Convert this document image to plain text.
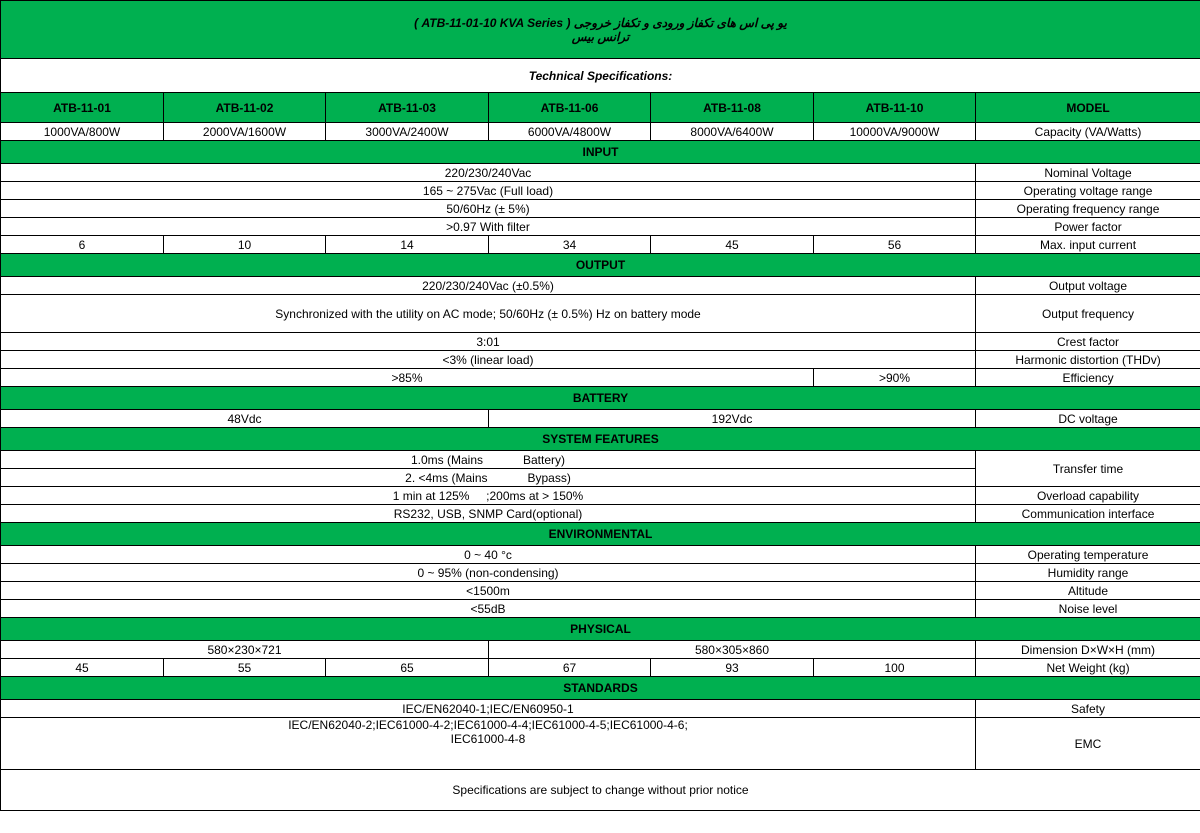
یو پی اس های تکفاز ورودی و تکفاز خروجی ( ATB-11-01-10 KVA Series )
ترانس بیس						

Technical Specifications:						
ATB-11-01	ATB-11-02	ATB-11-03	ATB-11-06	ATB-11-08	ATB-11-10	MODEL
1000VA/800W	2000VA/1600W	3000VA/2400W	6000VA/4800W	8000VA/6400W	10000VA/9000W	Capacity (VA/Watts)
INPUT						
220/230/240Vac						Nominal Voltage
165 ~ 275Vac (Full load)						Operating voltage range
50/60Hz (± 5%)						Operating frequency range
>0.97 With filter						Power factor
6	10	14	34	45	56	Max. input current
OUTPUT						
220/230/240Vac (±0.5%)						Output voltage
Synchronized with the utility on AC mode; 50/60Hz (± 0.5%) Hz on battery mode						Output frequency
3:01						Crest factor
<3% (linear load)						Harmonic distortion (THDv)
>85%					>90%	Efficiency
BATTERY						
48Vdc			192Vdc			DC voltage
SYSTEM FEATURES						
1.0ms (Mains Battery)						Transfer time
2. <4ms (Mains Bypass)						
1 min at 125%     ;200ms at > 150%						Overload capability
RS232, USB, SNMP Card(optional)						Communication interface
ENVIRONMENTAL						
0 ~ 40 °c						Operating temperature
0 ~ 95% (non-condensing)						Humidity range
<1500m						Altitude
<55dB						Noise level
PHYSICAL						
580×230×721			580×305×860			Dimension D×W×H (mm)
45	55	65	67	93	100	Net Weight (kg)
STANDARDS						
IEC/EN62040-1;IEC/EN60950-1						Safety

IEC/EN62040-2;IEC61000-4-2;IEC61000-4-4;IEC61000-4-5;IEC61000-4-6;
IEC61000-4-8						EMC
Specifications are subject to change without prior notice						
